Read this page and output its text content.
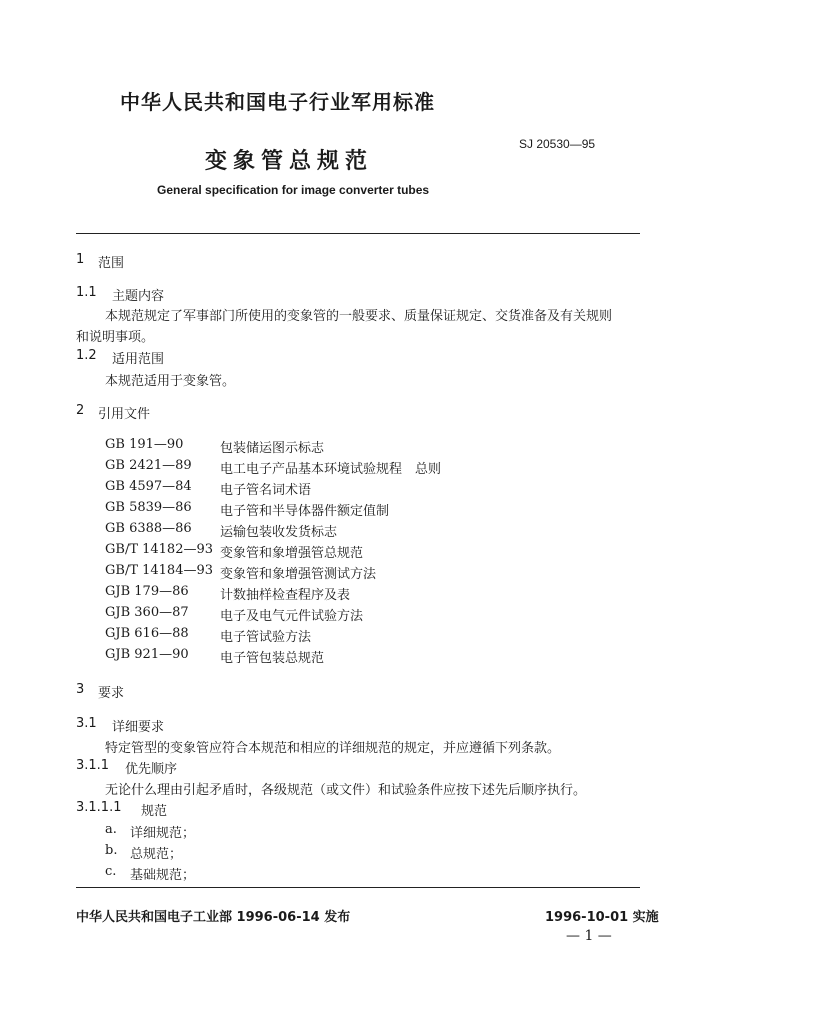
中华人民共和国电子行业军用标准
变象管总规范
SJ 20530—95
General specification for image converter tubes
1 范围
1.1 主题内容
本规范规定了军事部门所使用的变象管的一般要求、质量保证规定、交货准备及有关规则
和说明事项。
1.2 适用范围
本规范适用于变象管。
2 引用文件
GB 191—90	包装储运图示标志
GB 2421—89 电工电子产品基本环境试验规程　总则
GB 4597—84 电子管名词术语
GB 5839—86 电子管和半导体器件额定值制
GB 6388—86 运输包装收发货标志
GB/T 14182—93 变象管和象增强管总规范
GB/T 14184—93 变象管和象增强管测试方法
GJB 179—86 计数抽样检查程序及表
GJB 360—87 电子及电气元件试验方法
GJB 616—88 电子管试验方法
GJB 921—90 电子管包装总规范
3 要求
3.1 详细要求
特定管型的变象管应符合本规范和相应的详细规范的规定，并应遵循下列条款。
3.1.1 优先顺序
无论什么理由引起矛盾时，各级规范（或文件）和试验条件应按下述先后顺序执行。
3.1.1.1 规范
a. 详细规范；
b. 总规范；
c. 基础规范；
中华人民共和国电子工业部 1996-06-14 发布	1996-10-01 实施
— 1 —
